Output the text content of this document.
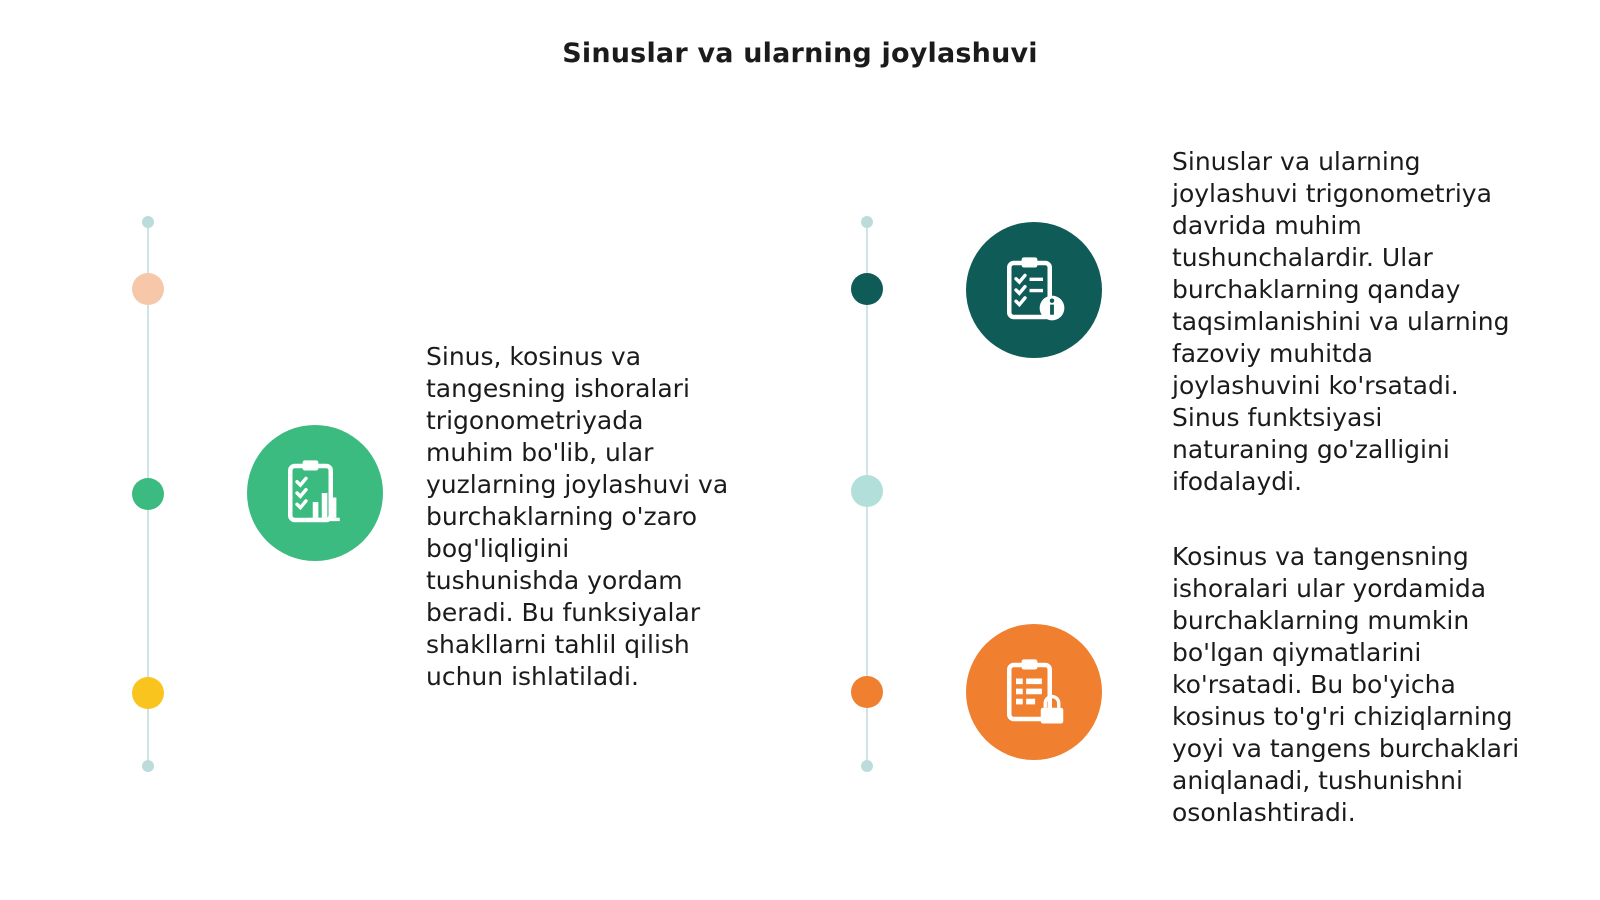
Sinuslar va ularning joylashuvi
Sinus, kosinus va
tangesning ishoralari
trigonometriyada
muhim bo'lib, ular
yuzlarning joylashuvi va
burchaklarning o'zaro
bog'liqligini
tushunishda yordam
beradi. Bu funksiyalar
shakllarni tahlil qilish
uchun ishlatiladi.
Sinuslar va ularning
joylashuvi trigonometriya
davrida muhim
tushunchalardir. Ular
burchaklarning qanday
taqsimlanishini va ularning
fazoviy muhitda
joylashuvini ko'rsatadi.
Sinus funktsiyasi
naturaning go'zalligini
ifodalaydi.
Kosinus va tangensning
ishoralari ular yordamida
burchaklarning mumkin
bo'lgan qiymatlarini
ko'rsatadi. Bu bo'yicha
kosinus to'g'ri chiziqlarning
yoyi va tangens burchaklari
aniqlanadi, tushunishni
osonlashtiradi.
